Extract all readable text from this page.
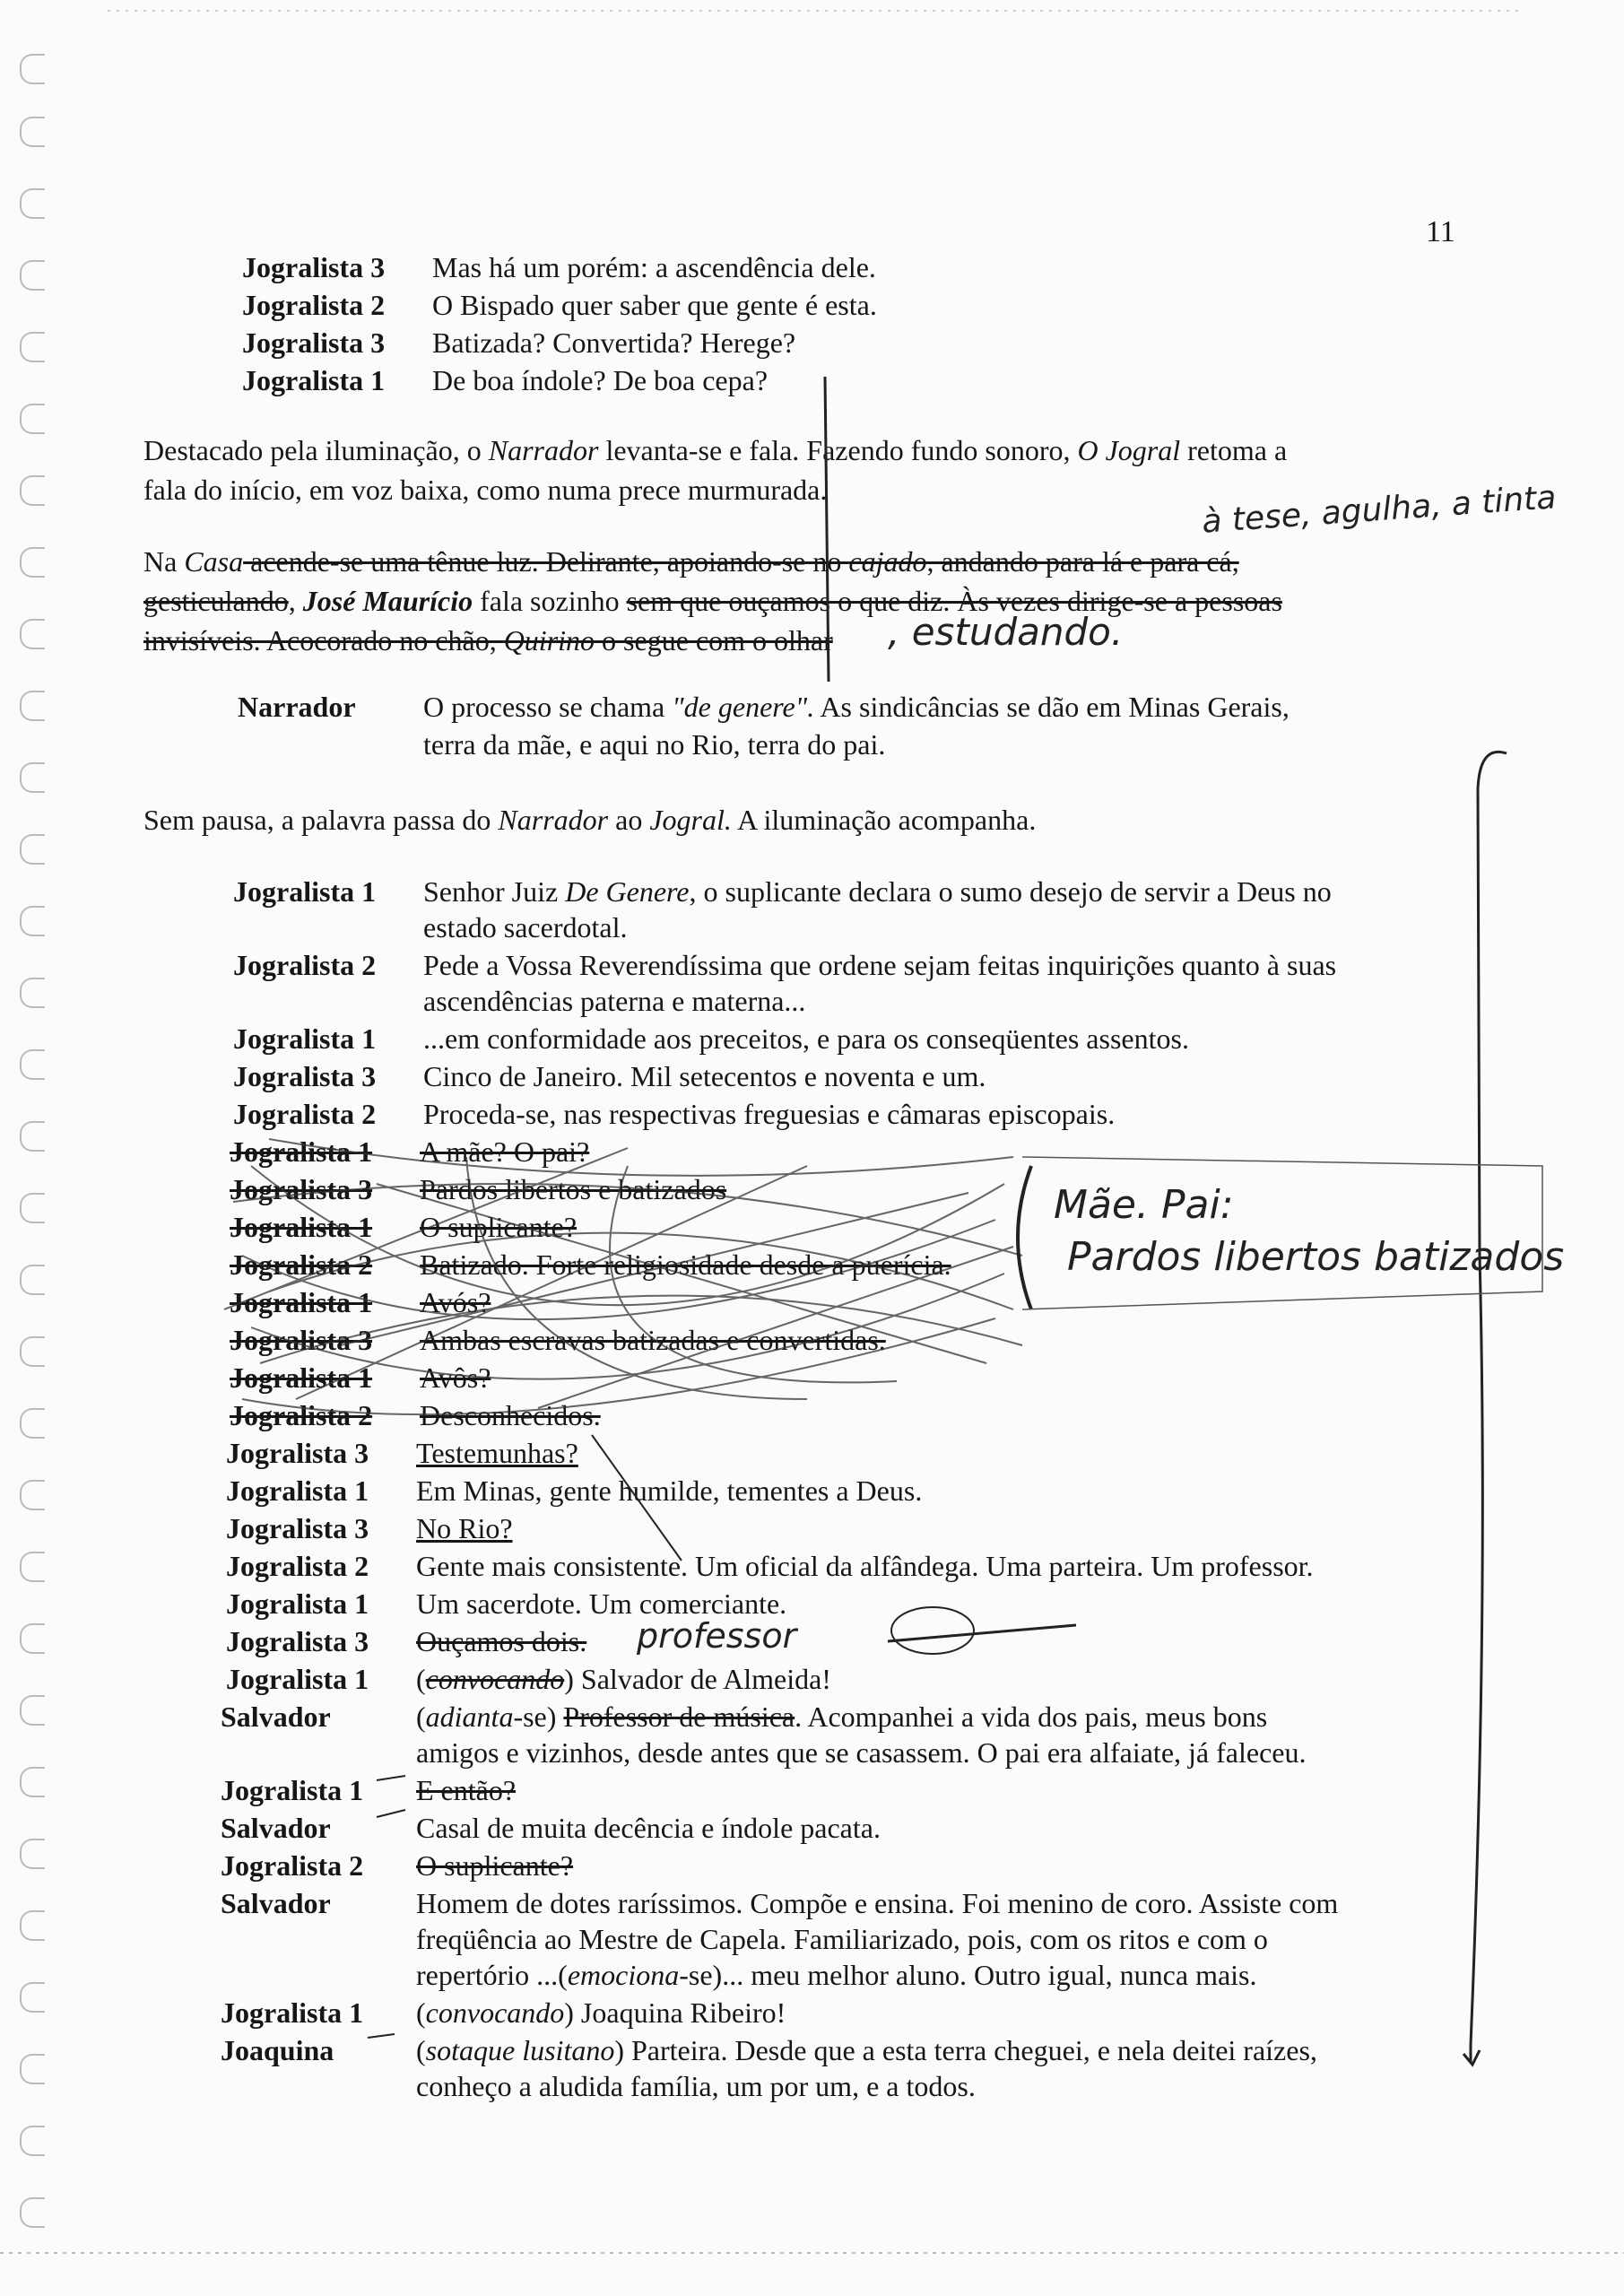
11
Jogralista 3 Mas há um porém: a ascendência dele.
Jogralista 2 O Bispado quer saber que gente é esta.
Jogralista 3 Batizada? Convertida? Herege?
Jogralista 1 De boa índole? De boa cepa?
Destacado pela iluminação, o Narrador levanta-se e fala. Fazendo fundo sonoro, O Jogral retoma a
fala do início, em voz baixa, como numa prece murmurada.
Na Casa acende-se uma tênue luz. Delirante, apoiando-se no cajado, andando para lá e para cá,
gesticulando, José Maurício fala sozinho sem que ouçamos o que diz. Às vezes dirige-se a pessoas
invisíveis. Acocorado no chão, Quirino o segue com o olhar	, estudando.
à tese, agulha, a tinta
Narrador O processo se chama "de genere". As sindicâncias se dão em Minas Gerais,
terra da mãe, e aqui no Rio, terra do pai.
Sem pausa, a palavra passa do Narrador ao Jogral. A iluminação acompanha.
Jogralista 1 Senhor Juiz De Genere, o suplicante declara o sumo desejo de servir a Deus no
estado sacerdotal.
Jogralista 2 Pede a Vossa Reverendíssima que ordene sejam feitas inquirições quanto à suas
ascendências paterna e materna...
Jogralista 1 ...em conformidade aos preceitos, e para os conseqüentes assentos.
Jogralista 3 Cinco de Janeiro. Mil setecentos e noventa e um.
Jogralista 2 Proceda-se, nas respectivas freguesias e câmaras episcopais.
Jogralista 1 A mãe? O pai?
Jogralista 3 Pardos libertos e batizados
Jogralista 1 O suplicante?
Jogralista 2 Batizado. Forte religiosidade desde a puerícia.
Jogralista 1 Avós?
Jogralista 3 Ambas escravas batizadas e convertidas.
Jogralista 1 Avôs?
Jogralista 2 Desconhecidos.
Mãe. Pai:
Pardos libertos batizados
Jogralista 3 Testemunhas?
Jogralista 1 Em Minas, gente humilde, tementes a Deus.
Jogralista 3 No Rio?
Jogralista 2 Gente mais consistente. Um oficial da alfândega. Uma parteira. Um professor.
Jogralista 1 Um sacerdote. Um comerciante.
Jogralista 3 Ouçamos dois. professor
Jogralista 1 (convocando) Salvador de Almeida!
Salvador	(adianta-se) Professor de música. Acompanhei a vida dos pais, meus bons
amigos e vizinhos, desde antes que se casassem. O pai era alfaiate, já faleceu.
Jogralista 1 E então?
Salvador	Casal de muita decência e índole pacata.
Jogralista 2 O suplicante?
Salvador	Homem de dotes raríssimos. Compõe e ensina. Foi menino de coro. Assiste com
freqüência ao Mestre de Capela. Familiarizado, pois, com os ritos e com o
repertório ...(emociona-se)... meu melhor aluno. Outro igual, nunca mais.
Jogralista 1 (convocando) Joaquina Ribeiro!
Joaquina	(sotaque lusitano) Parteira. Desde que a esta terra cheguei, e nela deitei raízes,
conheço a aludida família, um por um, e a todos.
